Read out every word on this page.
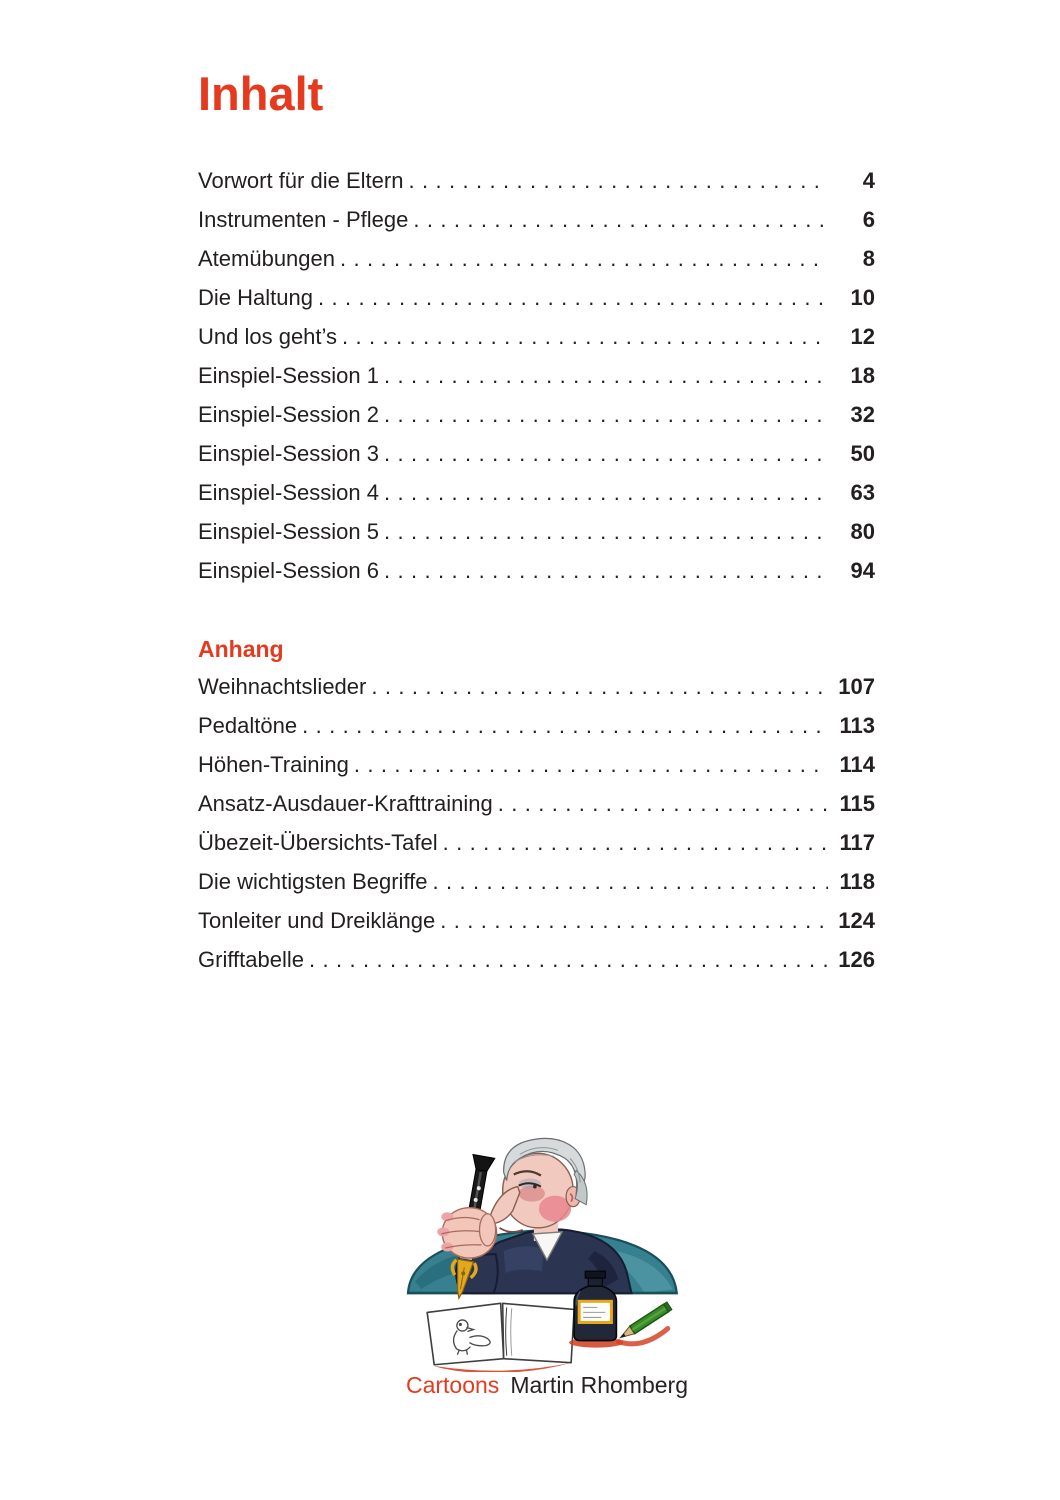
Inhalt
Vorwort für die Eltern .....	4
Instrumenten - Pflege .....	6
Atemübungen .....	8
Die Haltung .....	10
Und los geht’s .....	12
Einspiel-Session 1 .....	18
Einspiel-Session 2 .....	32
Einspiel-Session 3 .....	50
Einspiel-Session 4 .....	63
Einspiel-Session 5 .....	80
Einspiel-Session 6 .....	94
Anhang
Weihnachtslieder .....	107
Pedaltöne .....	113
Höhen-Training .....	114
Ansatz-Ausdauer-Krafttraining .....	115
Übezeit-Übersichts-Tafel .....	117
Die wichtigsten Begriffe .....	118
Tonleiter und Dreiklänge .....	124
Grifftabelle .....	126
Cartoons Martin Rhomberg
